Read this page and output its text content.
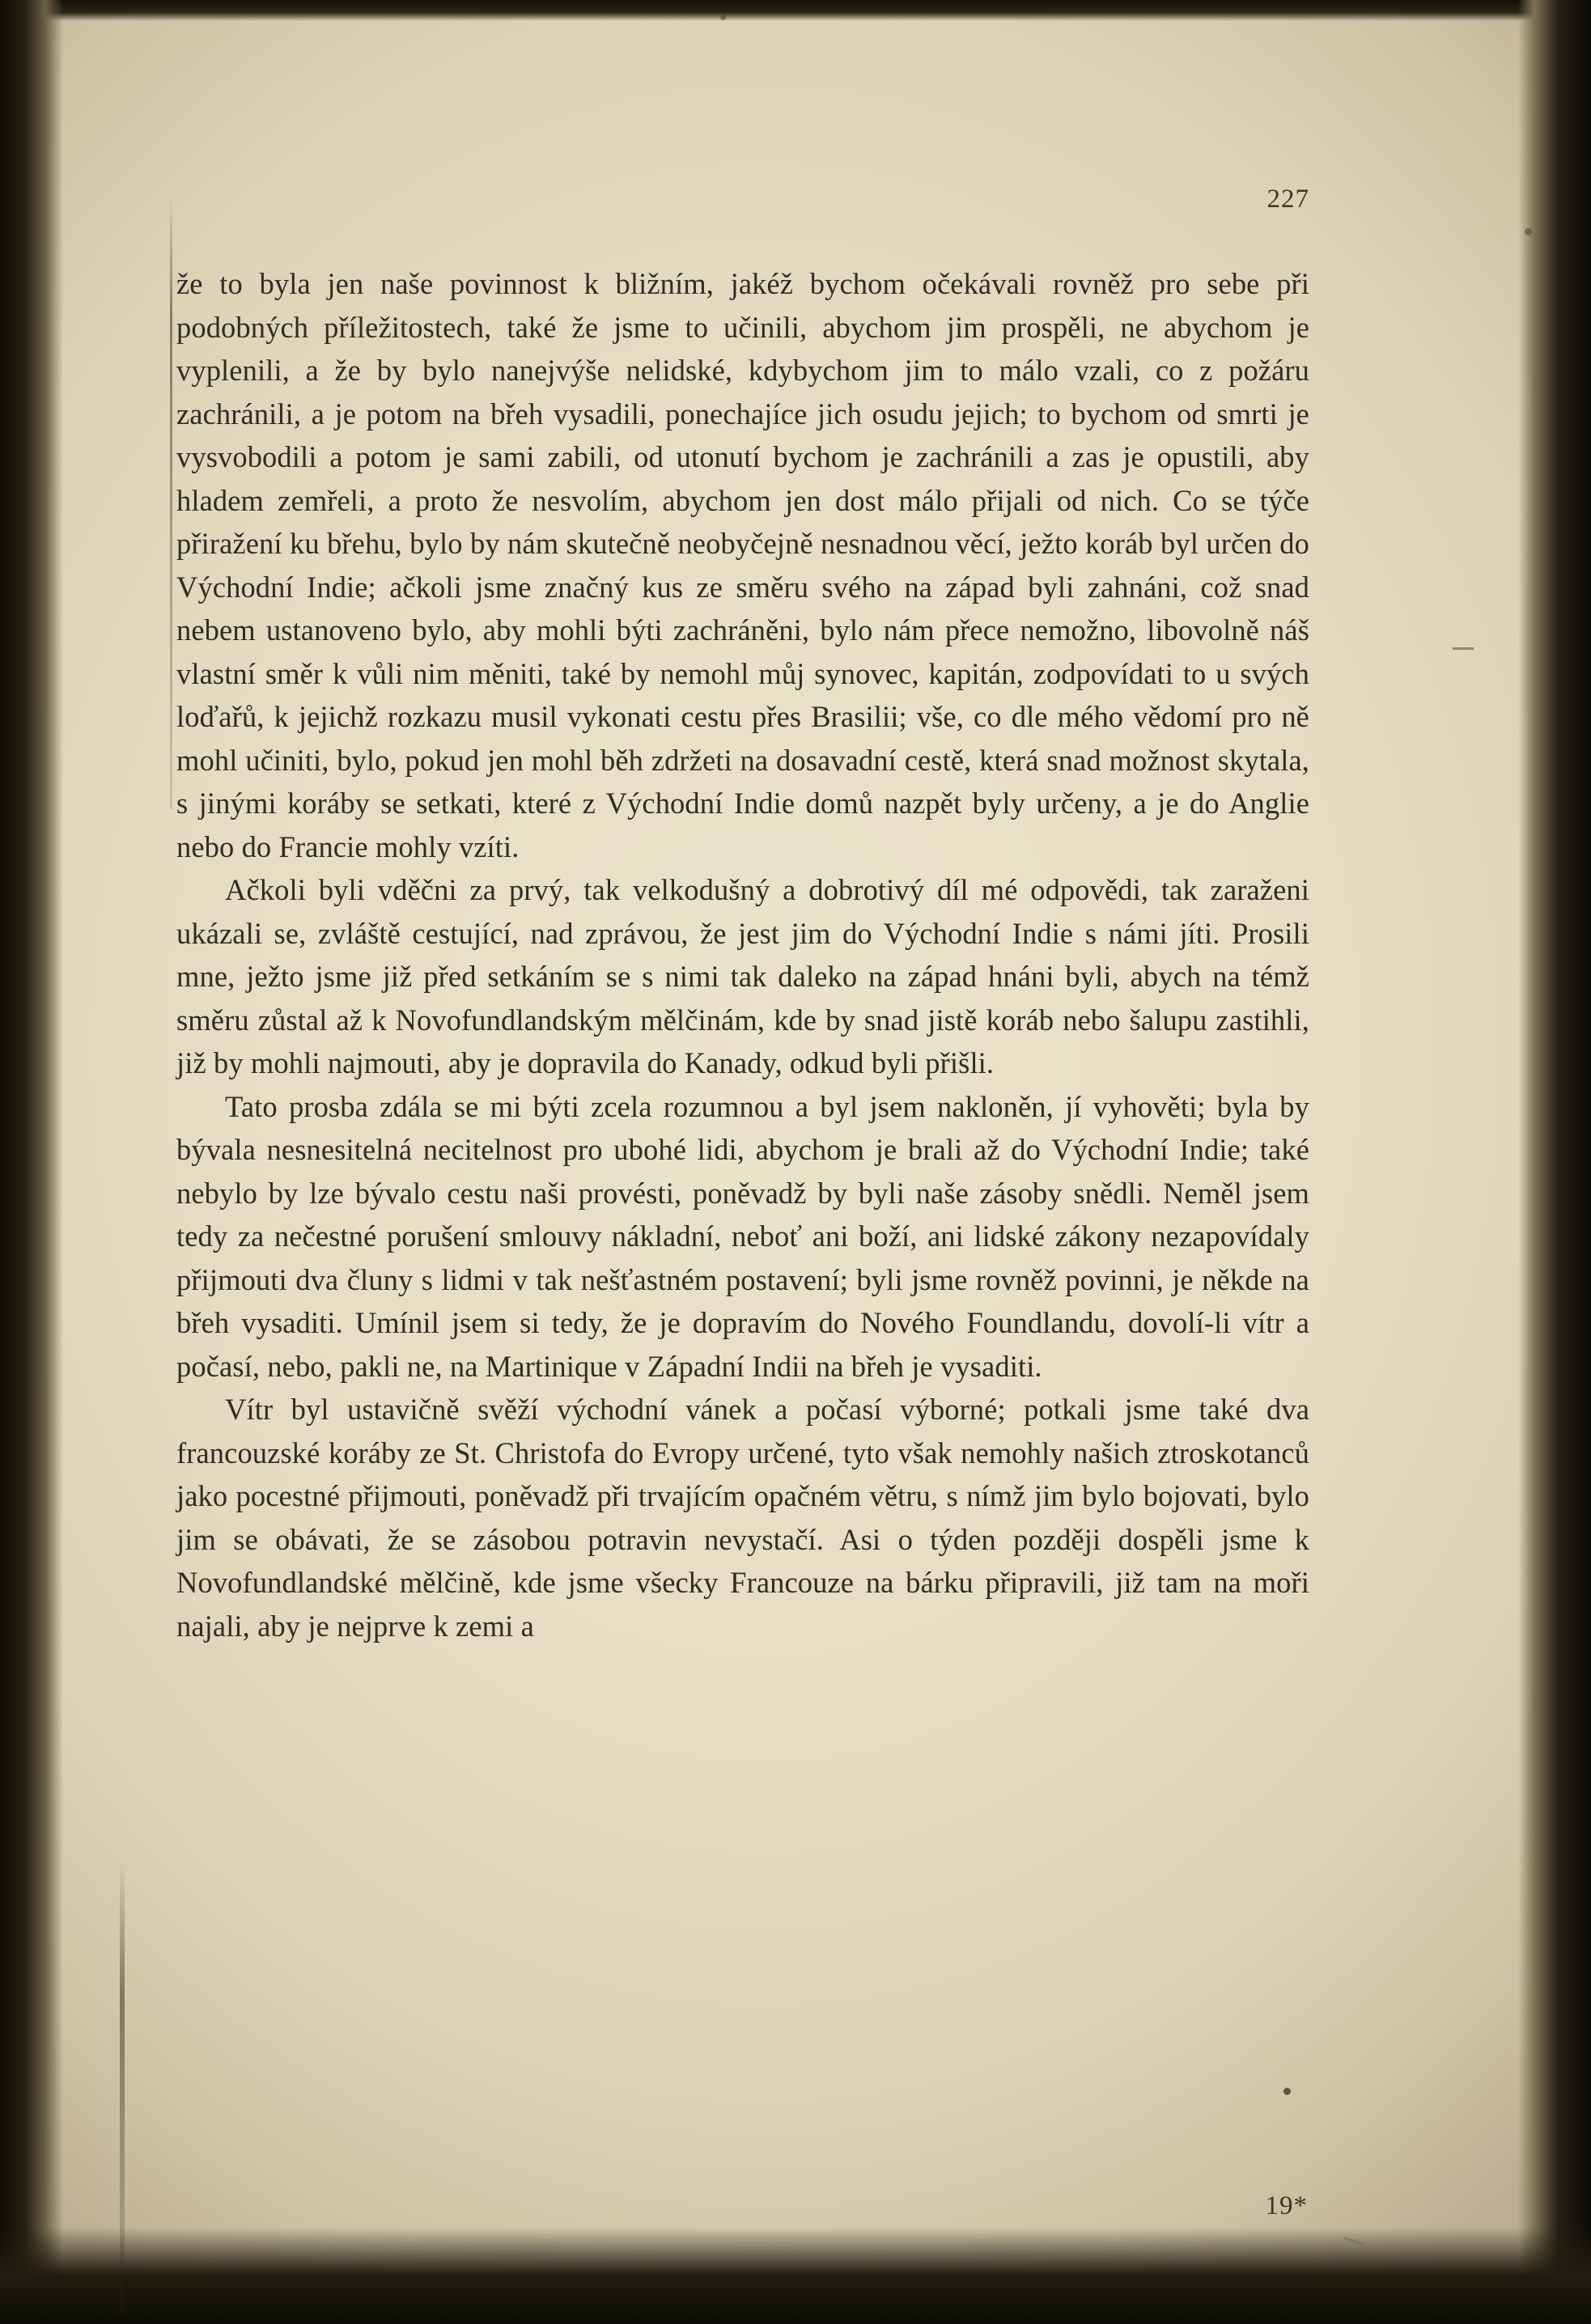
227

že to byla jen naše povinnost k bližním, jakéž bychom očekávali rovněž pro sebe při podobných příležitostech, také že jsme to učinili, abychom jim prospěli, ne abychom je vyplenili, a že by bylo nanejvýše nelidské, kdybychom jim to málo vzali, co z požáru zachránili, a je potom na břeh vysadili, ponechajíce jich osudu jejich; to bychom od smrti je vysvobodili a potom je sami zabili, od utonutí bychom je zachránili a zas je opustili, aby hladem zemřeli, a proto že nesvolím, abychom jen dost málo přijali od nich. Co se týče přiražení ku břehu, bylo by nám skutečně neobyčejně nesnadnou věcí, ježto koráb byl určen do Východní Indie; ačkoli jsme značný kus ze směru svého na západ byli zahnáni, což snad nebem ustanoveno bylo, aby mohli býti zachráněni, bylo nám přece nemožno, libovolně náš vlastní směr k vůli nim měniti, také by nemohl můj synovec, kapitán, zodpovídati to u svých loďařů, k jejichž rozkazu musil vykonati cestu přes Brasilii; vše, co dle mého vědomí pro ně mohl učiniti, bylo, pokud jen mohl běh zdržeti na dosavadní cestě, která snad možnost skytala, s jinými koráby se setkati, které z Východní Indie domů nazpět byly určeny, a je do Anglie nebo do Francie mohly vzíti.

Ačkoli byli vděčni za prvý, tak velkodušný a dobrotivý díl mé odpovědi, tak zaraženi ukázali se, zvláště cestující, nad zprávou, že jest jim do Východní Indie s námi jíti. Prosili mne, ježto jsme již před setkáním se s nimi tak daleko na západ hnáni byli, abych na témž směru zůstal až k Novofundlandským mělčinám, kde by snad jistě koráb nebo šalupu zastihli, již by mohli najmouti, aby je dopravila do Kanady, odkud byli přišli.

Tato prosba zdála se mi býti zcela rozumnou a byl jsem nakloněn, jí vyhověti; byla by bývala nesnesitelná necitelnost pro ubohé lidi, abychom je brali až do Východní Indie; také nebylo by lze bývalo cestu naši provésti, poněvadž by byli naše zásoby snědli. Neměl jsem tedy za nečestné porušení smlouvy nákladní, neboť ani boží, ani lidské zákony nezapovídaly přijmouti dva čluny s lidmi v tak nešťastném postavení; byli jsme rovněž povinni, je někde na břeh vysaditi. Umínil jsem si tedy, že je dopravím do Nového Foundlandu, dovolí-li vítr a počasí, nebo, pakli ne, na Martinique v Západní Indii na břeh je vysaditi.

Vítr byl ustavičně svěží východní vánek a počasí výborné; potkali jsme také dva francouzské koráby ze St. Christofa do Evropy určené, tyto však nemohly našich ztroskotanců jako pocestné přijmouti, poněvadž při trvajícím opačném větru, s nímž jim bylo bojovati, bylo jim se obávati, že se zásobou potravin nevystačí. Asi o týden později dospěli jsme k Novofundlandské mělčině, kde jsme všecky Francouze na bárku připravili, již tam na moři najali, aby je nejprve k zemi a

19*
